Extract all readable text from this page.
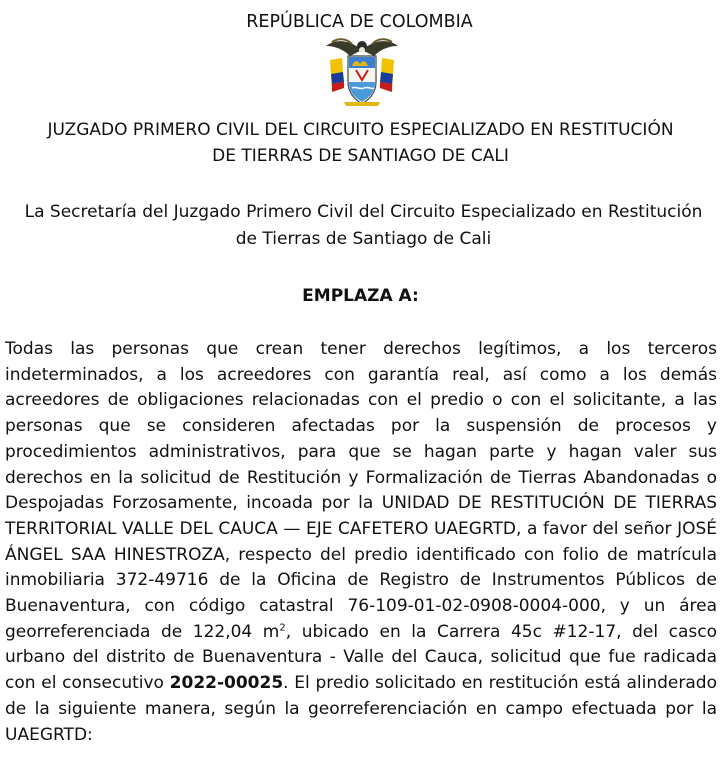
REPÚBLICA DE COLOMBIA
JUZGADO PRIMERO CIVIL DEL CIRCUITO ESPECIALIZADO EN RESTITUCIÓN
DE TIERRAS DE SANTIAGO DE CALI
La Secretaría del Juzgado Primero Civil del Circuito Especializado en Restitución
de Tierras de Santiago de Cali
EMPLAZA A:
Todas las personas que crean tener derechos legítimos, a los terceros indeterminados, a los acreedores con garantía real, así como a los demás acreedores de obligaciones relacionadas con el predio o con el solicitante, a las personas que se consideren afectadas por la suspensión de procesos y procedimientos administrativos, para que se hagan parte y hagan valer sus derechos en la solicitud de Restitución y Formalización de Tierras Abandonadas o Despojadas Forzosamente, incoada por la UNIDAD DE RESTITUCIÓN DE TIERRAS TERRITORIAL VALLE DEL CAUCA — EJE CAFETERO UAEGRTD, a favor del señor JOSÉ ÁNGEL SAA HINESTROZA, respecto del predio identificado con folio de matrícula inmobiliaria 372-49716 de la Oficina de Registro de Instrumentos Públicos de Buenaventura, con código catastral 76-109-01-02-0908-0004-000, y un área georreferenciada de 122,04 $m^2$, ubicado en la Carrera 45c #12-17, del casco urbano del distrito de Buenaventura - Valle del Cauca, solicitud que fue radicada con el consecutivo 2022-00025. El predio solicitado en restitución está alinderado de la siguiente manera, según la georreferenciación en campo efectuada por la UAEGRTD:
